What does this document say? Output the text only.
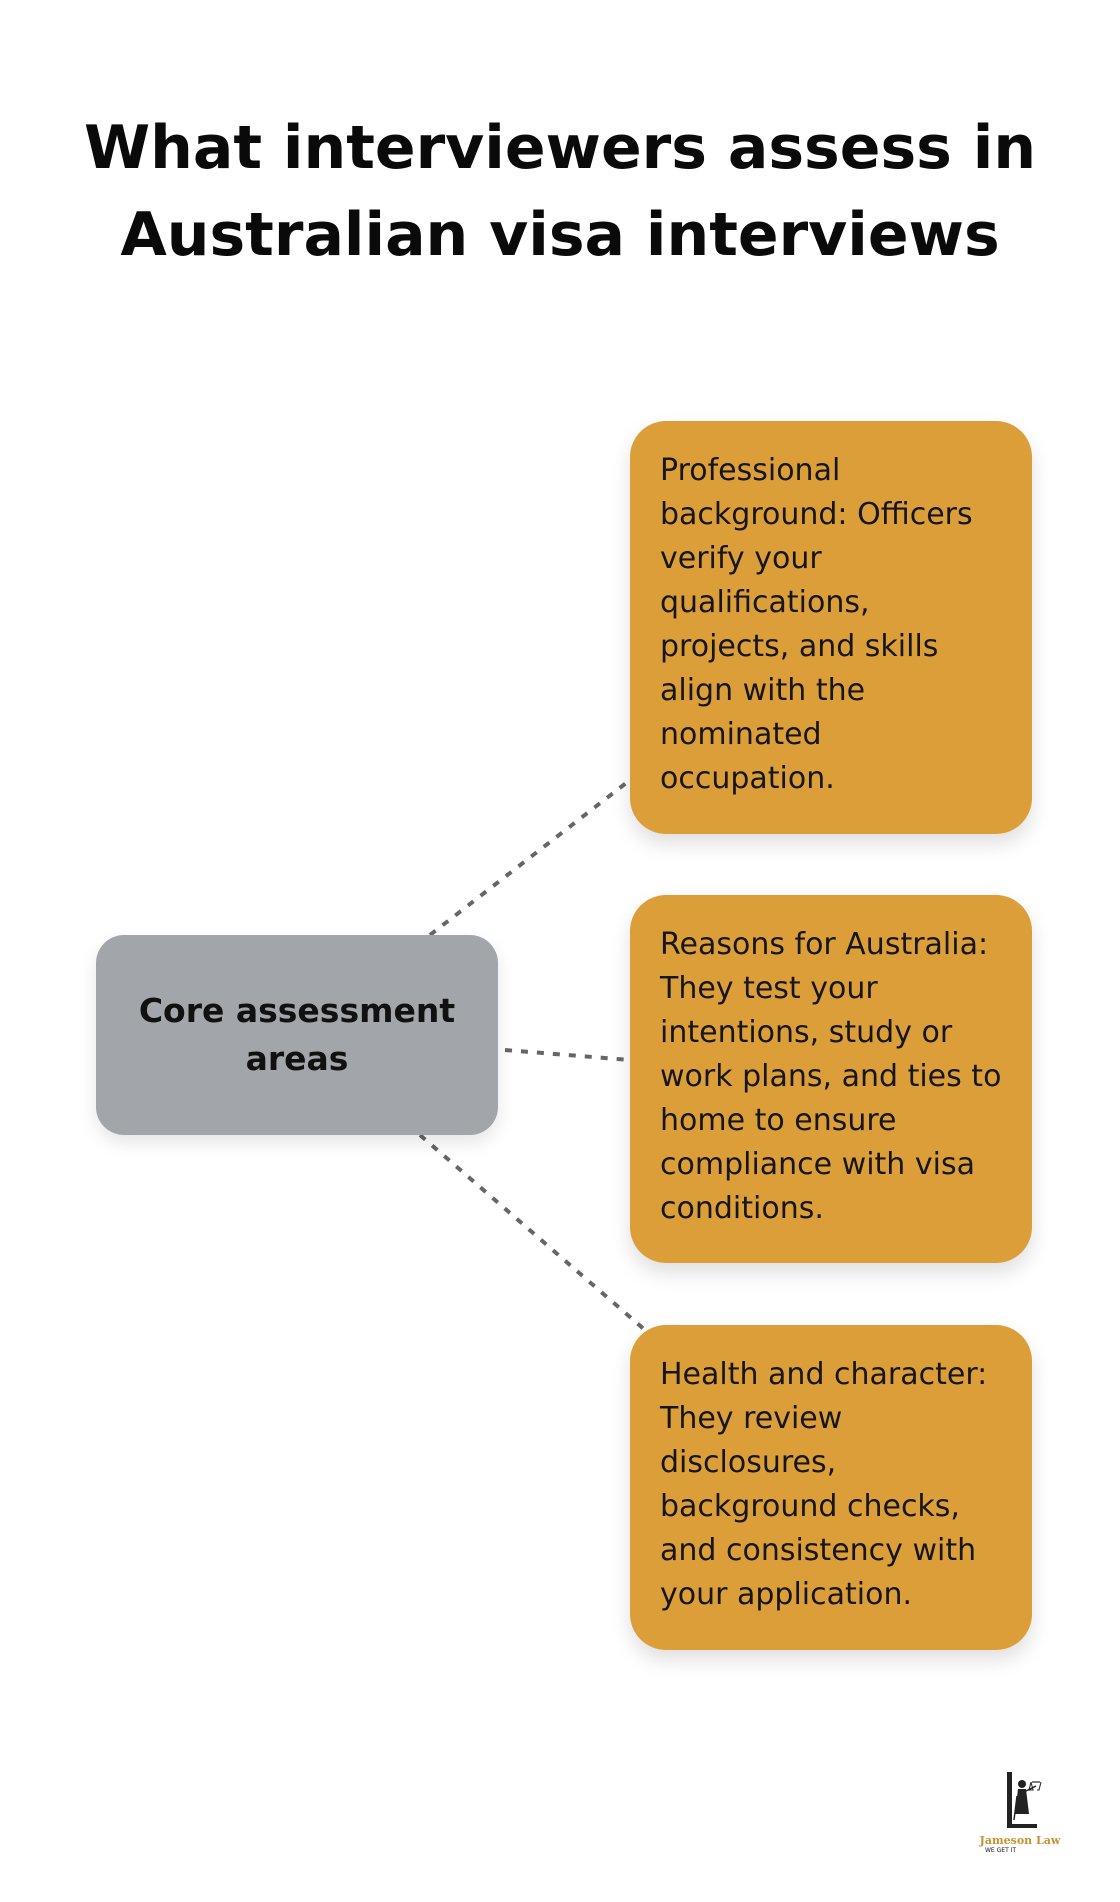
What interviewers assess in
Australian visa interviews
Core assessment areas
Professional background: Officers verify your qualifications, projects, and skills align with the nominated occupation.
Reasons for Australia: They test your intentions, study or work plans, and ties to home to ensure compliance with visa conditions.
Health and character: They review disclosures, background checks, and consistency with your application.
Jameson Law
WE GET IT
